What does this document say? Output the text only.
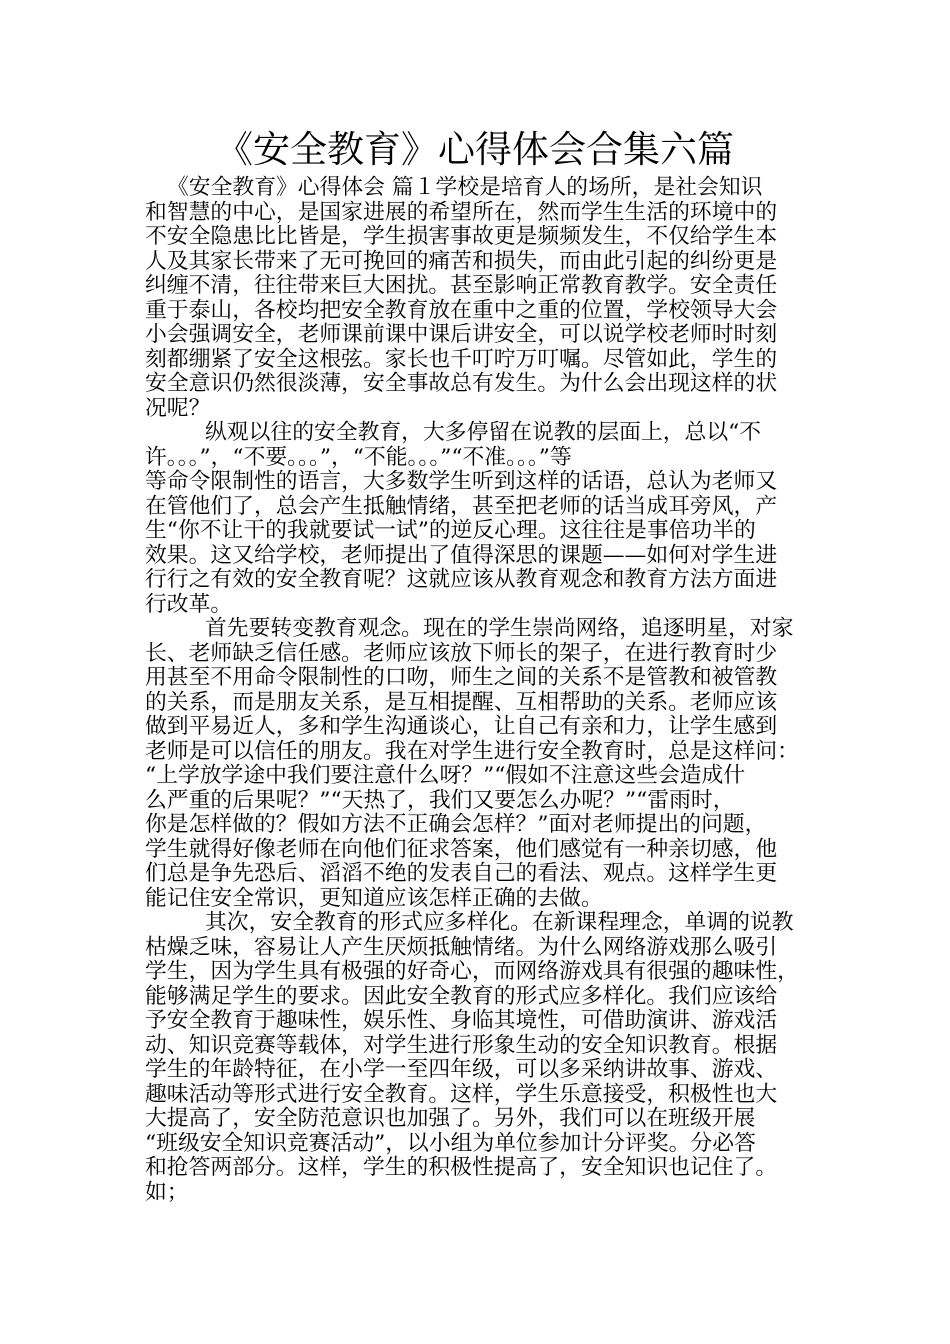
《安全教育》心得体会合集六篇
《安全教育》心得体会 篇１学校是培育人的场所，是社会知识
和智慧的中心，是国家进展的希望所在，然而学生生活的环境中的
不安全隐患比比皆是，学生损害事故更是频频发生，不仅给学生本
人及其家长带来了无可挽回的痛苦和损失，而由此引起的纠纷更是
纠缠不清，往往带来巨大困扰。甚至影响正常教育教学。安全责任
重于泰山，各校均把安全教育放在重中之重的位置，学校领导大会
小会强调安全，老师课前课中课后讲安全，可以说学校老师时时刻
刻都绷紧了安全这根弦。家长也千叮咛万叮嘱。尽管如此，学生的
安全意识仍然很淡薄，安全事故总有发生。为什么会出现这样的状
况呢？
纵观以往的安全教育，大多停留在说教的层面上，总以“不
许。。。”，“不要。。。”，“不能。。。”“不准。。。”等
等命令限制性的语言，大多数学生听到这样的话语，总认为老师又
在管他们了，总会产生抵触情绪，甚至把老师的话当成耳旁风，产
生“你不让干的我就要试一试”的逆反心理。这往往是事倍功半的
效果。这又给学校，老师提出了值得深思的课题——如何对学生进
行行之有效的安全教育呢？这就应该从教育观念和教育方法方面进
行改革。
首先要转变教育观念。现在的学生崇尚网络，追逐明星，对家
长、老师缺乏信任感。老师应该放下师长的架子，在进行教育时少
用甚至不用命令限制性的口吻，师生之间的关系不是管教和被管教
的关系，而是朋友关系，是互相提醒、互相帮助的关系。老师应该
做到平易近人，多和学生沟通谈心，让自己有亲和力，让学生感到
老师是可以信任的朋友。我在对学生进行安全教育时，总是这样问：
“上学放学途中我们要注意什么呀？”“假如不注意这些会造成什
么严重的后果呢？”“天热了，我们又要怎么办呢？”“雷雨时，
你是怎样做的？假如方法不正确会怎样？”面对老师提出的问题，
学生就得好像老师在向他们征求答案，他们感觉有一种亲切感，他
们总是争先恐后、滔滔不绝的发表自己的看法、观点。这样学生更
能记住安全常识，更知道应该怎样正确的去做。
其次，安全教育的形式应多样化。在新课程理念，单调的说教
枯燥乏味，容易让人产生厌烦抵触情绪。为什么网络游戏那么吸引
学生，因为学生具有极强的好奇心，而网络游戏具有很强的趣味性，
能够满足学生的要求。因此安全教育的形式应多样化。我们应该给
予安全教育于趣味性，娱乐性、身临其境性，可借助演讲、游戏活
动、知识竞赛等载体，对学生进行形象生动的安全知识教育。根据
学生的年龄特征，在小学一至四年级，可以多采纳讲故事、游戏、
趣味活动等形式进行安全教育。这样，学生乐意接受，积极性也大
大提高了，安全防范意识也加强了。另外，我们可以在班级开展
“班级安全知识竞赛活动”，以小组为单位参加计分评奖。分必答
和抢答两部分。这样，学生的积极性提高了，安全知识也记住了。
如；
